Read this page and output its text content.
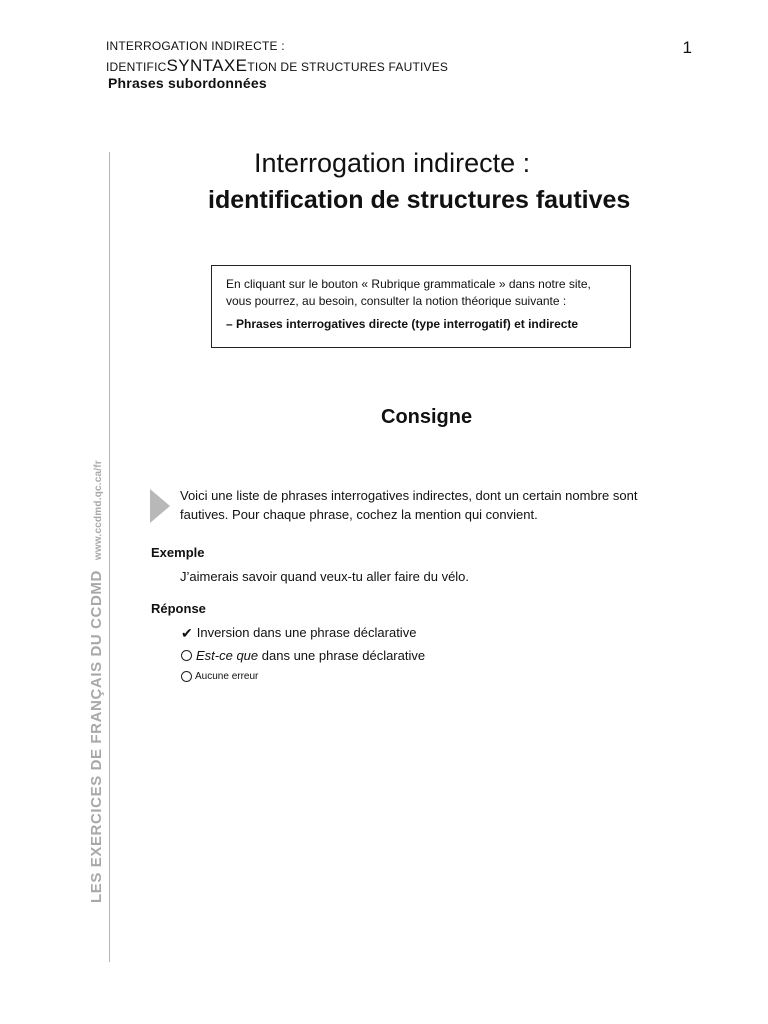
INTERROGATION INDIRECTE :
IDENTIFICSYNTAXETION DE STRUCTURES FAUTIVES
Phrases subordonnées
1
LES EXERCICES DE FRANÇAIS DU CCDMDwww.ccdmd.qc.ca/fr
Interrogation indirecte :
identification de structures fautives
En cliquant sur le bouton « Rubrique grammaticale » dans notre site,
vous pourrez, au besoin, consulter la notion théorique suivante :
– Phrases interrogatives directe (type interrogatif) et indirecte
Consigne
Voici une liste de phrases interrogatives indirectes, dont un certain nombre sont fautives. Pour chaque phrase, cochez la mention qui convient.
Exemple
J’aimerais savoir quand veux-tu aller faire du vélo.
Réponse
✔ Inversion dans une phrase déclarative
Est-ce que dans une phrase déclarative
Aucune erreur
